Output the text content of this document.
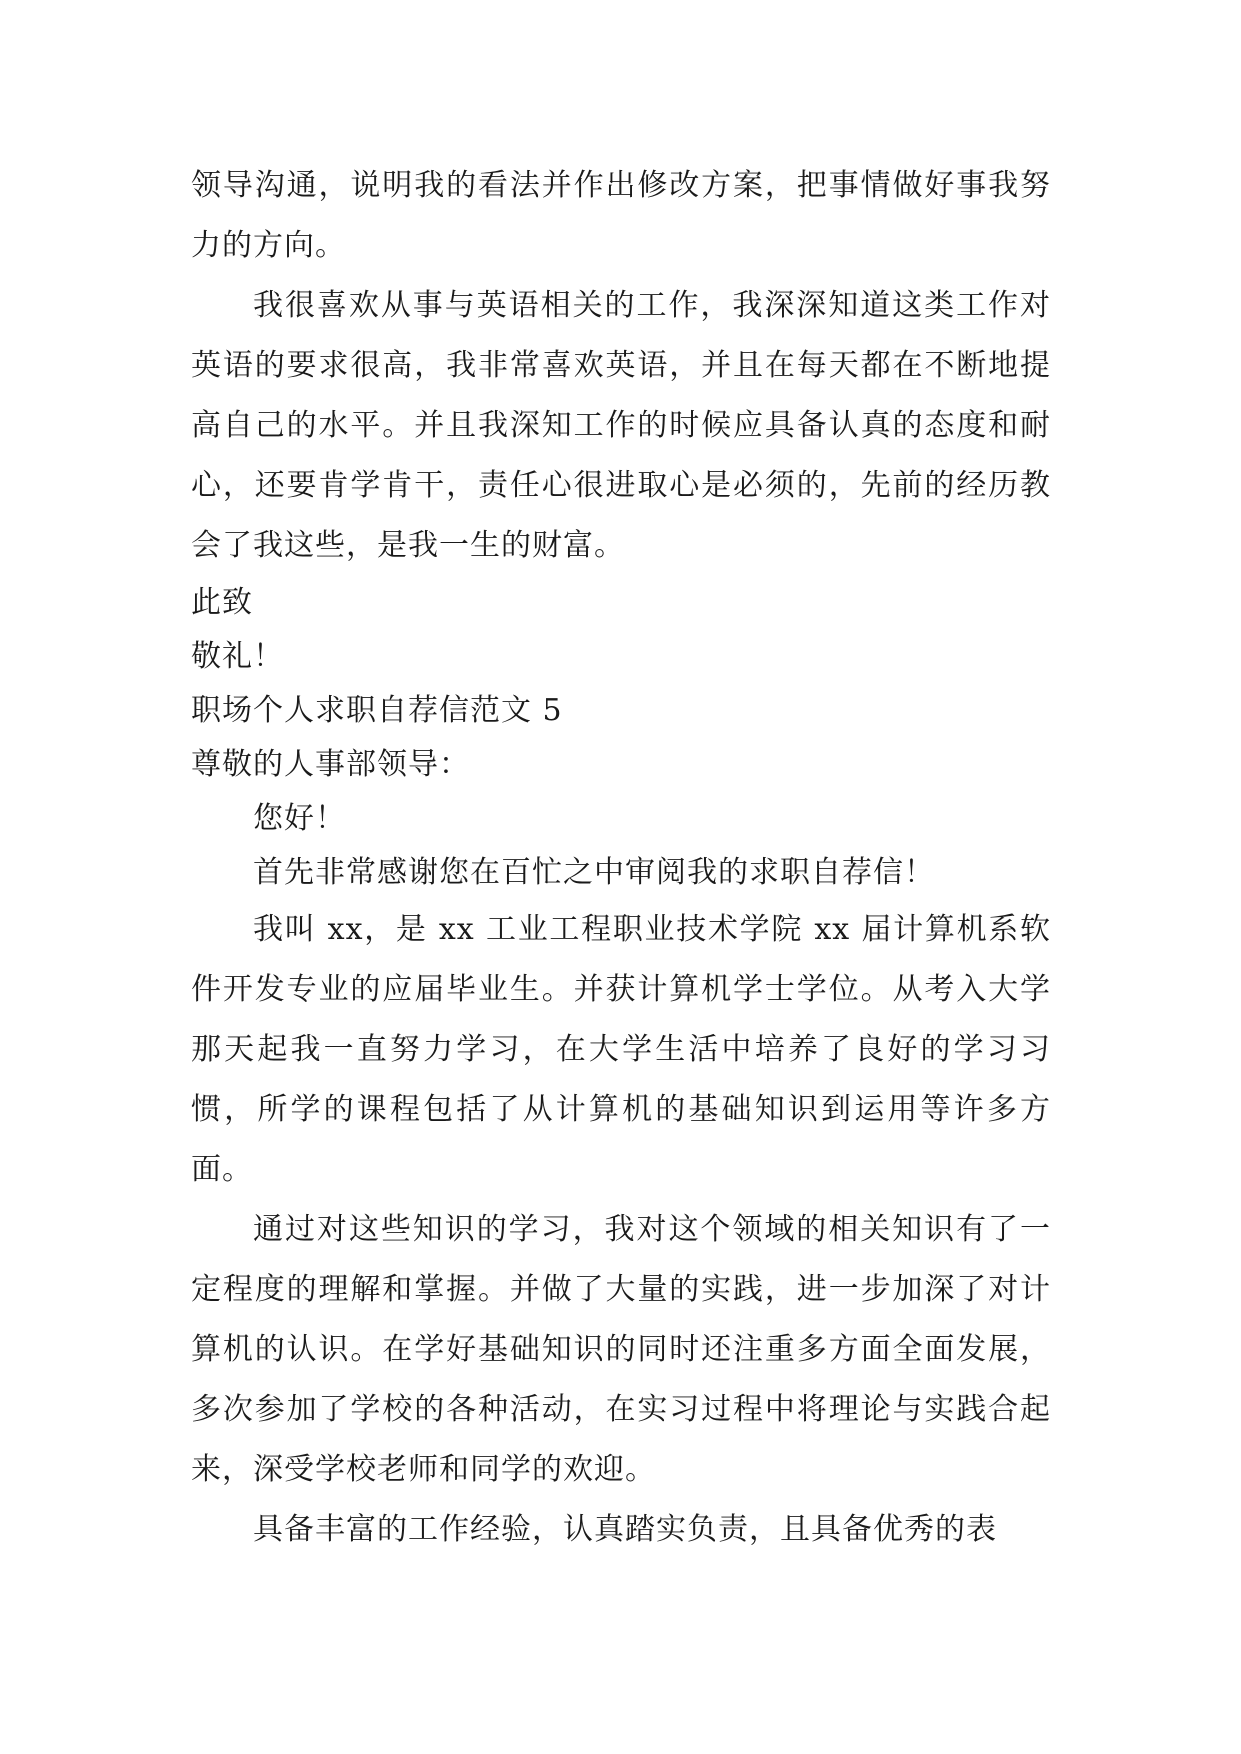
领导沟通，说明我的看法并作出修改方案，把事情做好事我努力的方向。

我很喜欢从事与英语相关的工作，我深深知道这类工作对英语的要求很高，我非常喜欢英语，并且在每天都在不断地提高自己的水平。并且我深知工作的时候应具备认真的态度和耐心，还要肯学肯干，责任心很进取心是必须的，先前的经历教会了我这些，是我一生的财富。

此致

敬礼！

职场个人求职自荐信范文 5

尊敬的人事部领导：

您好！

首先非常感谢您在百忙之中审阅我的求职自荐信！

我叫 xx，是 xx 工业工程职业技术学院 xx 届计算机系软件开发专业的应届毕业生。并获计算机学士学位。从考入大学那天起我一直努力学习，在大学生活中培养了良好的学习习惯，所学的课程包括了从计算机的基础知识到运用等许多方面。

通过对这些知识的学习，我对这个领域的相关知识有了一定程度的理解和掌握。并做了大量的实践，进一步加深了对计算机的认识。在学好基础知识的同时还注重多方面全面发展，多次参加了学校的各种活动，在实习过程中将理论与实践合起来，深受学校老师和同学的欢迎。

具备丰富的工作经验，认真踏实负责，且具备优秀的表
